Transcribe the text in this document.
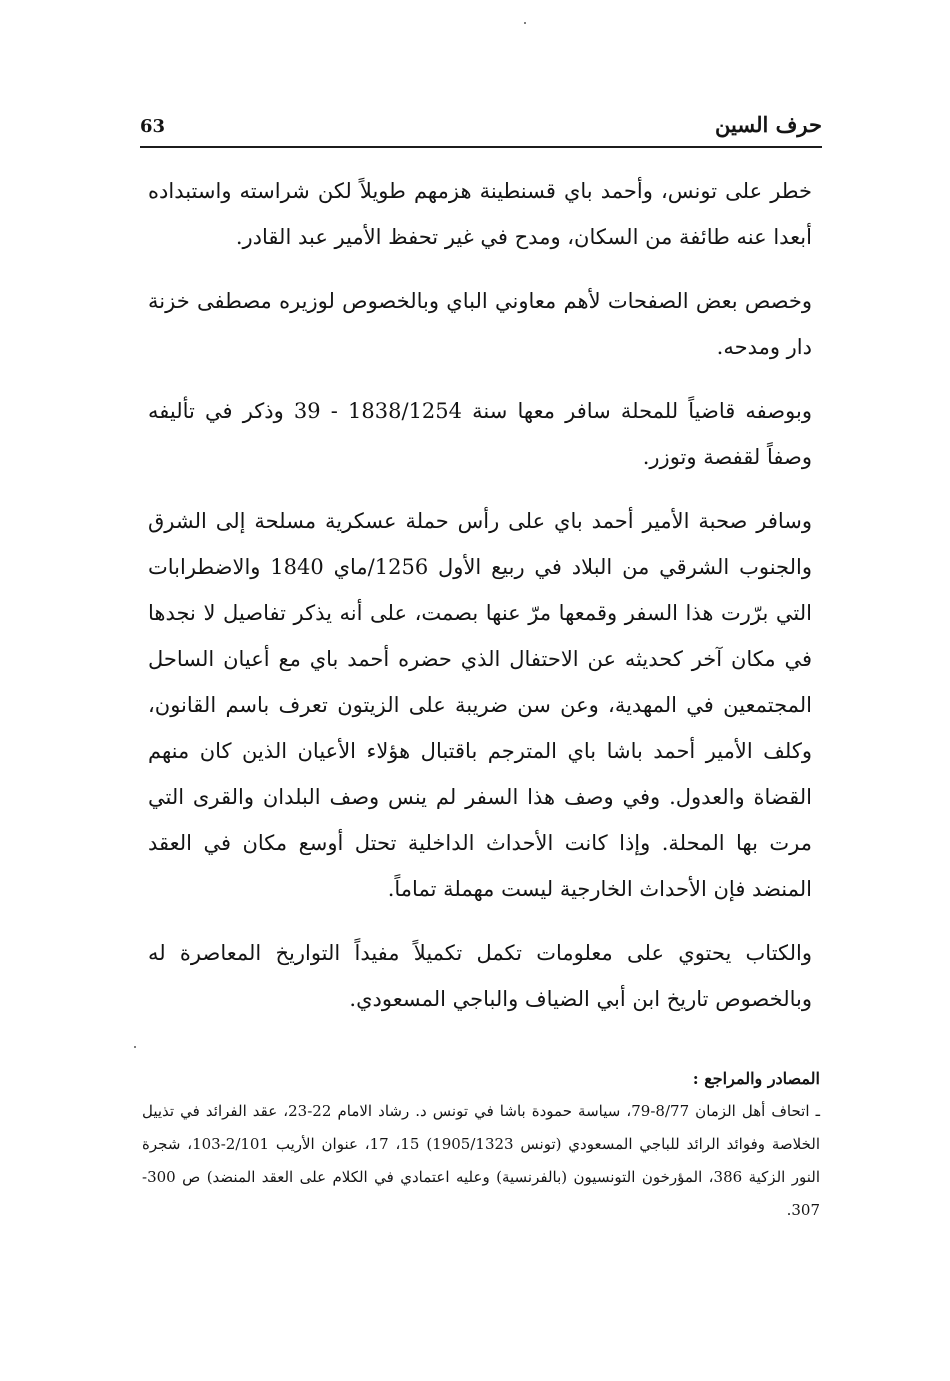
63	حرف السين

خطر على تونس، وأحمد باي قسنطينة هزمهم طويلاً لكن شراسته واستبداده أبعدا عنه طائفة من السكان، ومدح في غير تحفظ الأمير عبد القادر.

وخصص بعض الصفحات لأهم معاوني الباي وبالخصوص لوزيره مصطفى خزنة دار ومدحه.

وبوصفه قاضياً للمحلة سافر معها سنة 1838/1254 - 39 وذكر في تأليفه وصفاً لقفصة وتوزر.

وسافر صحبة الأمير أحمد باي على رأس حملة عسكرية مسلحة إلى الشرق والجنوب الشرقي من البلاد في ربيع الأول 1256/ماي 1840 والاضطرابات التي برّرت هذا السفر وقمعها مرّ عنها بصمت، على أنه يذكر تفاصيل لا نجدها في مكان آخر كحديثه عن الاحتفال الذي حضره أحمد باي مع أعيان الساحل المجتمعين في المهدية، وعن سن ضريبة على الزيتون تعرف باسم القانون، وكلف الأمير أحمد باشا باي المترجم باقتبال هؤلاء الأعيان الذين كان منهم القضاة والعدول. وفي وصف هذا السفر لم ينس وصف البلدان والقرى التي مرت بها المحلة. وإذا كانت الأحداث الداخلية تحتل أوسع مكان في العقد المنضد فإن الأحداث الخارجية ليست مهملة تماماً.

والكتاب يحتوي على معلومات تكمل تكميلاً مفيداً التواريخ المعاصرة له وبالخصوص تاريخ ابن أبي الضياف والباجي المسعودي.

المصادر والمراجع :

ـ اتحاف أهل الزمان 8/77-79، سياسة حمودة باشا في تونس د. رشاد الامام 22-23، عقد الفرائد في تذييل الخلاصة وفوائد الرائد للباجي المسعودي (تونس 1905/1323) 15، 17، عنوان الأريب 2/101-103، شجرة النور الزكية 386، المؤرخون التونسيون (بالفرنسية) وعليه اعتمادي في الكلام على العقد المنضد) ص 300-307.
